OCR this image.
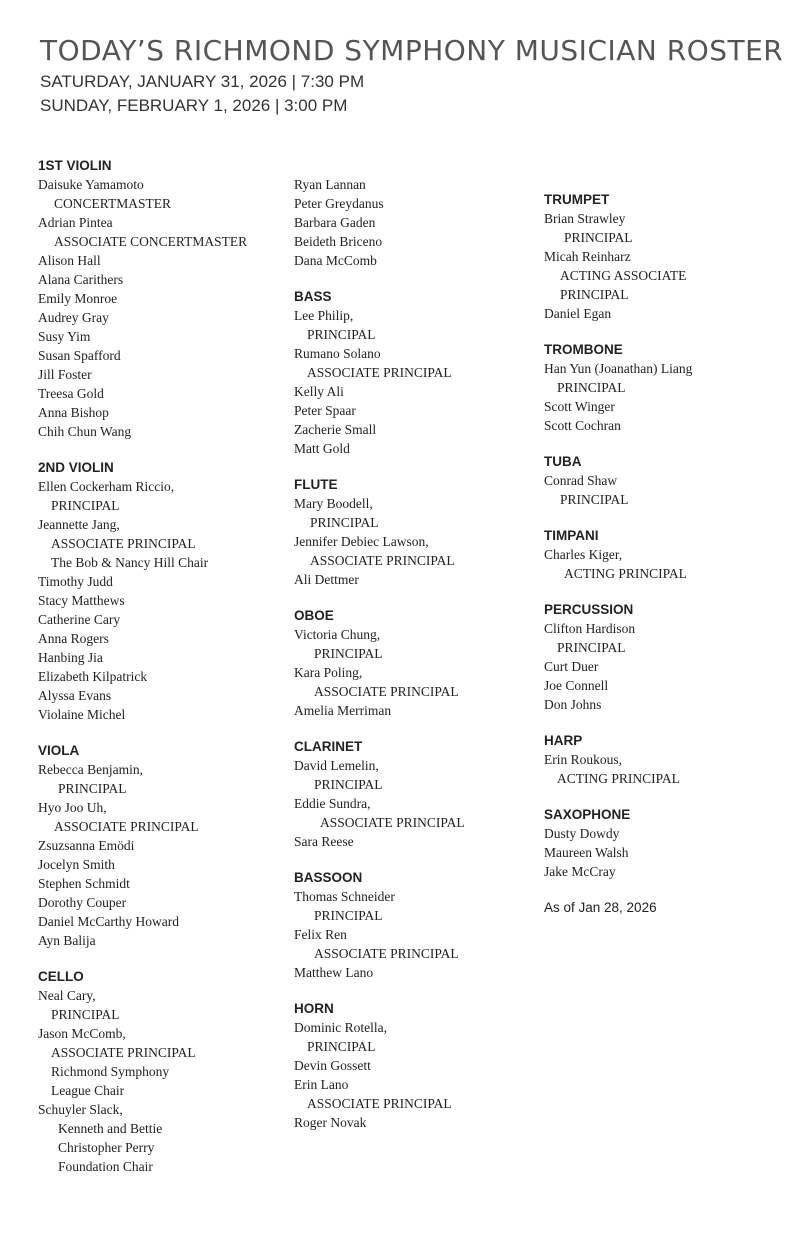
TODAY’S RICHMOND SYMPHONY MUSICIAN ROSTER
SATURDAY, JANUARY 31, 2026 | 7:30 PM
SUNDAY, FEBRUARY 1, 2026 | 3:00 PM
1ST VIOLIN
Daisuke Yamamoto
CONCERTMASTER
Adrian Pintea
ASSOCIATE CONCERTMASTER
Alison Hall
Alana Carithers
Emily Monroe
Audrey Gray
Susy Yim
Susan Spafford
Jill Foster
Treesa Gold
Anna Bishop
Chih Chun Wang
2ND VIOLIN
Ellen Cockerham Riccio,
PRINCIPAL
Jeannette Jang,
ASSOCIATE PRINCIPAL
The Bob & Nancy Hill Chair
Timothy Judd
Stacy Matthews
Catherine Cary
Anna Rogers
Hanbing Jia
Elizabeth Kilpatrick
Alyssa Evans
Violaine Michel
VIOLA
Rebecca Benjamin,
PRINCIPAL
Hyo Joo Uh,
ASSOCIATE PRINCIPAL
Zsuzsanna Emödi
Jocelyn Smith
Stephen Schmidt
Dorothy Couper
Daniel McCarthy Howard
Ayn Balija
CELLO
Neal Cary,
PRINCIPAL
Jason McComb,
ASSOCIATE PRINCIPAL
Richmond Symphony
League Chair
Schuyler Slack,
Kenneth and Bettie
Christopher Perry
Foundation Chair
Ryan Lannan
Peter Greydanus
Barbara Gaden
Beideth Briceno
Dana McComb
BASS
Lee Philip,
PRINCIPAL
Rumano Solano
ASSOCIATE PRINCIPAL
Kelly Ali
Peter Spaar
Zacherie Small
Matt Gold
FLUTE
Mary Boodell,
PRINCIPAL
Jennifer Debiec Lawson,
ASSOCIATE PRINCIPAL
Ali Dettmer
OBOE
Victoria Chung,
PRINCIPAL
Kara Poling,
ASSOCIATE PRINCIPAL
Amelia Merriman
CLARINET
David Lemelin,
PRINCIPAL
Eddie Sundra,
ASSOCIATE PRINCIPAL
Sara Reese
BASSOON
Thomas Schneider
PRINCIPAL
Felix Ren
ASSOCIATE PRINCIPAL
Matthew Lano
HORN
Dominic Rotella,
PRINCIPAL
Devin Gossett
Erin Lano
ASSOCIATE PRINCIPAL
Roger Novak
TRUMPET
Brian Strawley
PRINCIPAL
Micah Reinharz
ACTING ASSOCIATE
PRINCIPAL
Daniel Egan
TROMBONE
Han Yun (Joanathan) Liang
PRINCIPAL
Scott Winger
Scott Cochran
TUBA
Conrad Shaw
PRINCIPAL
TIMPANI
Charles Kiger,
ACTING PRINCIPAL
PERCUSSION
Clifton Hardison
PRINCIPAL
Curt Duer
Joe Connell
Don Johns
HARP
Erin Roukous,
ACTING PRINCIPAL
SAXOPHONE
Dusty Dowdy
Maureen Walsh
Jake McCray
As of Jan 28, 2026
